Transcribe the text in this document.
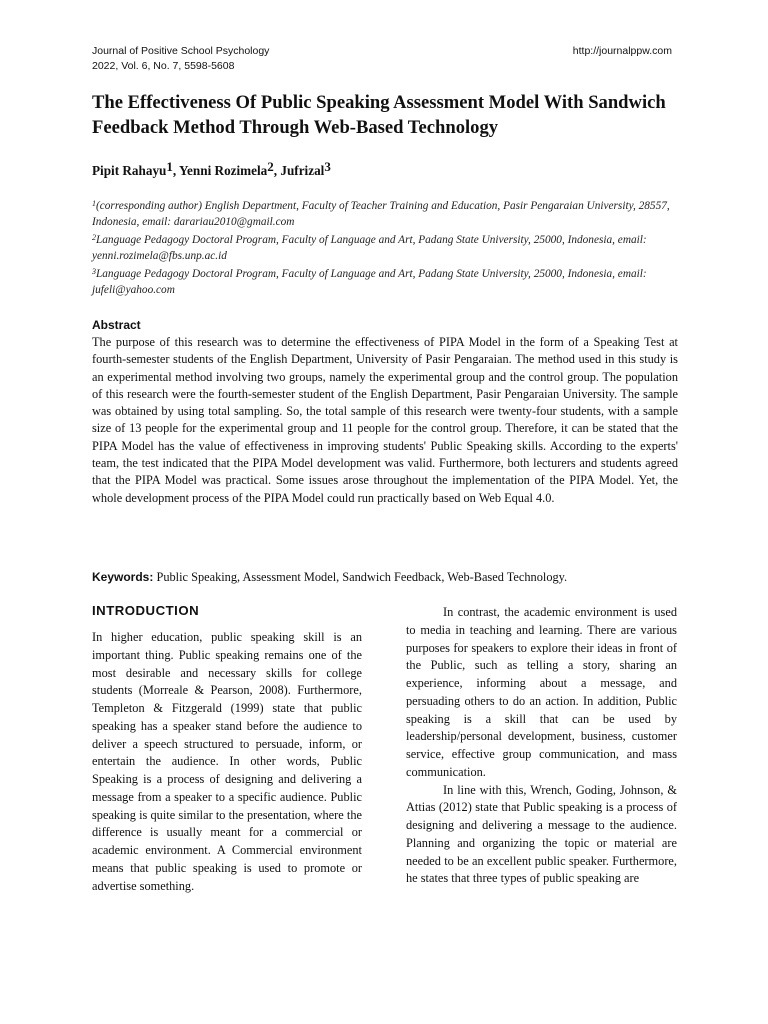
Journal of Positive School Psychology
2022, Vol. 6, No. 7, 5598-5608
http://journalppw.com
The Effectiveness Of Public Speaking Assessment Model With Sandwich Feedback Method Through Web-Based Technology
Pipit Rahayu$^1$, Yenni Rozimela$^2$, Jufrizal$^3$
$^1$(corresponding author) English Department, Faculty of Teacher Training and Education, Pasir Pengaraian University, 28557, Indonesia, email: darariau2010@gmail.com
$^2$Language Pedagogy Doctoral Program, Faculty of Language and Art, Padang State University, 25000, Indonesia, email: yenni.rozimela@fbs.unp.ac.id
$^3$Language Pedagogy Doctoral Program, Faculty of Language and Art, Padang State University, 25000, Indonesia, email: jufeli@yahoo.com
Abstract
The purpose of this research was to determine the effectiveness of PIPA Model in the form of a Speaking Test at fourth-semester students of the English Department, University of Pasir Pengaraian. The method used in this study is an experimental method involving two groups, namely the experimental group and the control group. The population of this research were the fourth-semester student of the English Department, Pasir Pengaraian University. The sample was obtained by using total sampling. So, the total sample of this research were twenty-four students, with a sample size of 13 people for the experimental group and 11 people for the control group. Therefore, it can be stated that the PIPA Model has the value of effectiveness in improving students' Public Speaking skills. According to the experts' team, the test indicated that the PIPA Model development was valid. Furthermore, both lecturers and students agreed that the PIPA Model was practical. Some issues arose throughout the implementation of the PIPA Model. Yet, the whole development process of the PIPA Model could run practically based on Web Equal 4.0.
Keywords: Public Speaking, Assessment Model, Sandwich Feedback, Web-Based Technology.
INTRODUCTION

In higher education, public speaking skill is an important thing. Public speaking remains one of the most desirable and necessary skills for college students (Morreale & Pearson, 2008). Furthermore, Templeton & Fitzgerald (1999) state that public speaking has a speaker stand before the audience to deliver a speech structured to persuade, inform, or entertain the audience. In other words, Public Speaking is a process of designing and delivering a message from a speaker to a specific audience. Public speaking is quite similar to the presentation, where the difference is usually meant for a commercial or academic environment. A Commercial environment means that public speaking is used to promote or advertise something.

In contrast, the academic environment is used to media in teaching and learning. There are various purposes for speakers to explore their ideas in front of the Public, such as telling a story, sharing an experience, informing about a message, and persuading others to do an action. In addition, Public speaking is a skill that can be used by leadership/personal development, business, customer service, effective group communication, and mass communication.

In line with this, Wrench, Goding, Johnson, & Attias (2012) state that Public speaking is a process of designing and delivering a message to the audience. Planning and organizing the topic or material are needed to be an excellent public speaker. Furthermore, he states that three types of public speaking are
